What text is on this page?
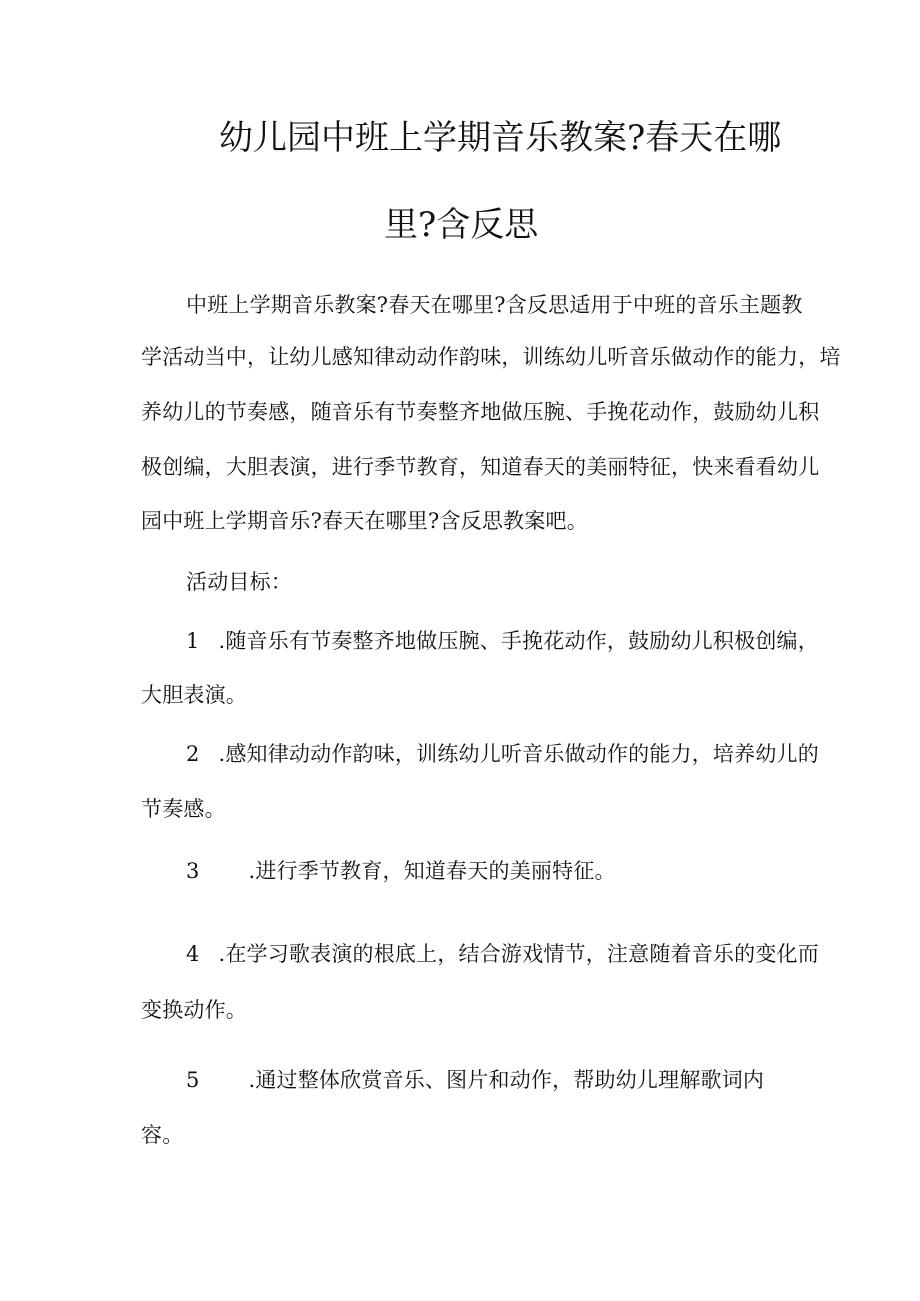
幼儿园中班上学期音乐教案?春天在哪
里?含反思
中班上学期音乐教案?春天在哪里?含反思适用于中班的音乐主题教
学活动当中，让幼儿感知律动动作韵味，训练幼儿听音乐做动作的能力，培
养幼儿的节奏感，随音乐有节奏整齐地做压腕、手挽花动作，鼓励幼儿积
极创编，大胆表演，进行季节教育，知道春天的美丽特征，快来看看幼儿
园中班上学期音乐?春天在哪里?含反思教案吧。
活动目标：
1 .随音乐有节奏整齐地做压腕、手挽花动作，鼓励幼儿积极创编，
大胆表演。
2 .感知律动动作韵味，训练幼儿听音乐做动作的能力，培养幼儿的
节奏感。
3 .进行季节教育，知道春天的美丽特征。
4 .在学习歌表演的根底上，结合游戏情节，注意随着音乐的变化而
变换动作。
5 .通过整体欣赏音乐、图片和动作，帮助幼儿理解歌词内
容。
